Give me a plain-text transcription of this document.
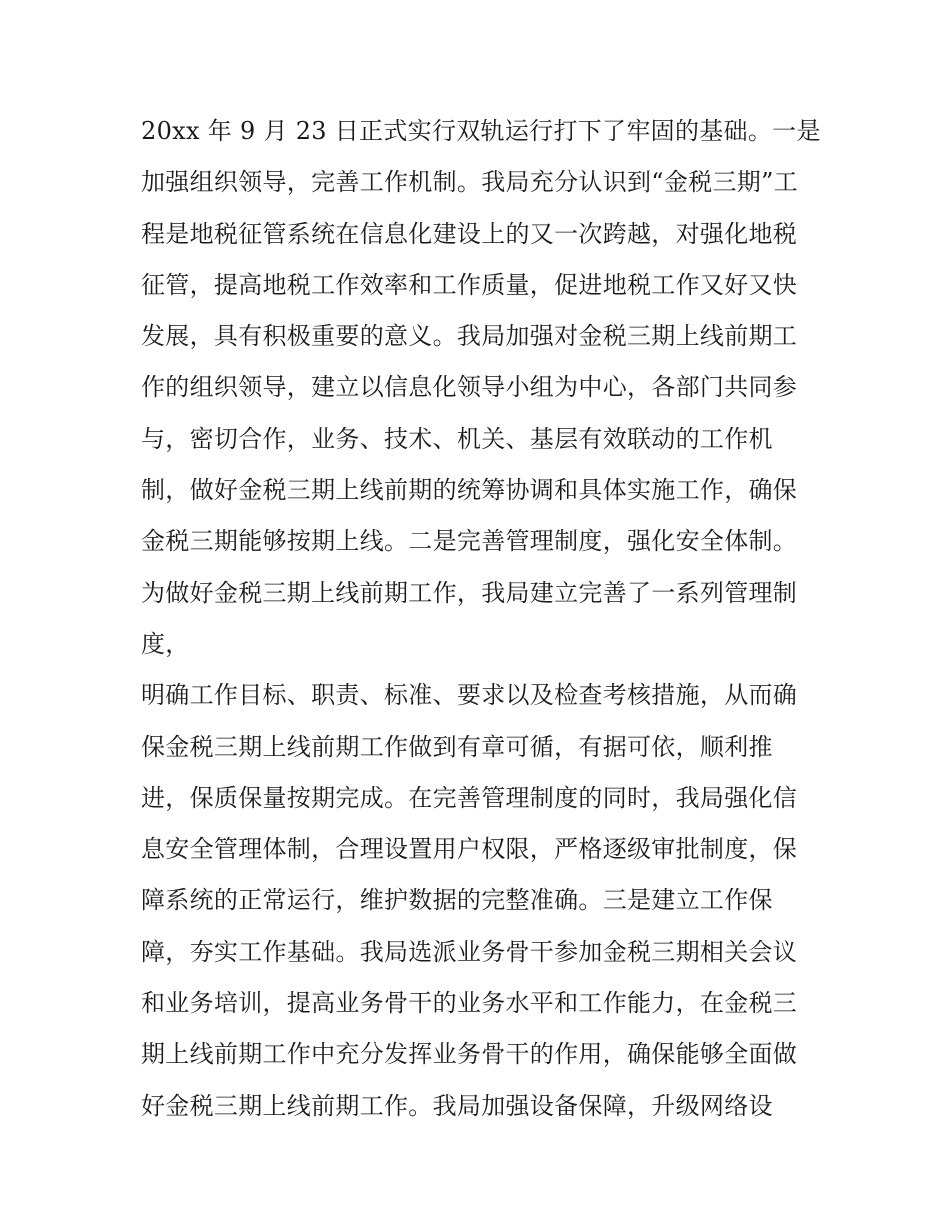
20xx 年 9 月 23 日正式实行双轨运行打下了牢固的基础。一是
加强组织领导，完善工作机制。我局充分认识到“金税三期”工
程是地税征管系统在信息化建设上的又一次跨越，对强化地税
征管，提高地税工作效率和工作质量，促进地税工作又好又快
发展，具有积极重要的意义。我局加强对金税三期上线前期工
作的组织领导，建立以信息化领导小组为中心，各部门共同参
与，密切合作，业务、技术、机关、基层有效联动的工作机
制，做好金税三期上线前期的统筹协调和具体实施工作，确保
金税三期能够按期上线。二是完善管理制度，强化安全体制。
为做好金税三期上线前期工作，我局建立完善了一系列管理制
度，
明确工作目标、职责、标准、要求以及检查考核措施，从而确
保金税三期上线前期工作做到有章可循，有据可依，顺利推
进，保质保量按期完成。在完善管理制度的同时，我局强化信
息安全管理体制，合理设置用户权限，严格逐级审批制度，保
障系统的正常运行，维护数据的完整准确。三是建立工作保
障，夯实工作基础。我局选派业务骨干参加金税三期相关会议
和业务培训，提高业务骨干的业务水平和工作能力，在金税三
期上线前期工作中充分发挥业务骨干的作用，确保能够全面做
好金税三期上线前期工作。我局加强设备保障，升级网络设
